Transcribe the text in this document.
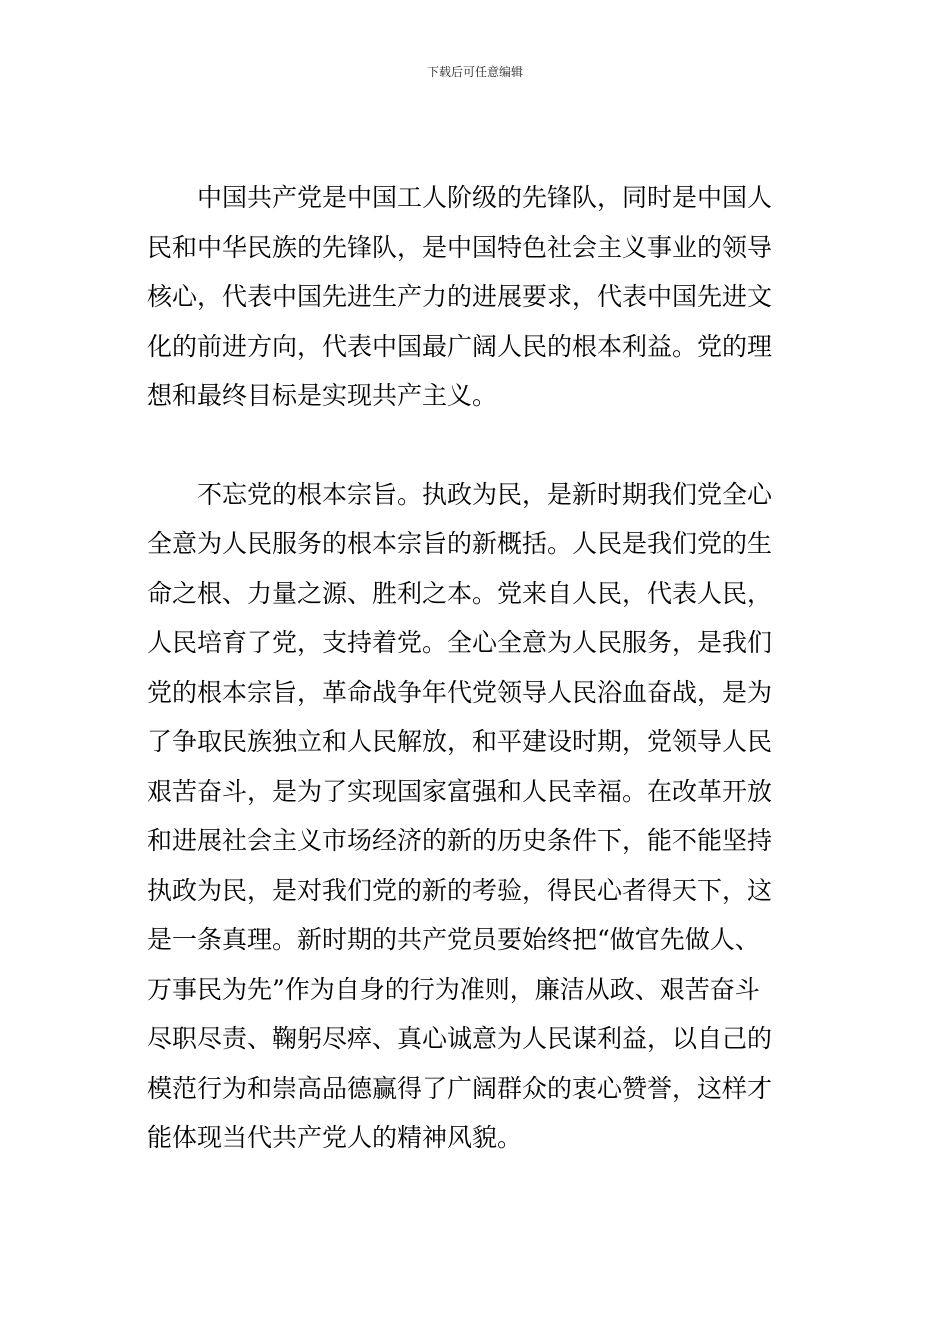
下载后可任意编辑
　　中国共产党是中国工人阶级的先锋队，同时是中国人
民和中华民族的先锋队，是中国特色社会主义事业的领导
核心，代表中国先进生产力的进展要求，代表中国先进文
化的前进方向，代表中国最广阔人民的根本利益。党的理
想和最终目标是实现共产主义。
　　不忘党的根本宗旨。执政为民，是新时期我们党全心
全意为人民服务的根本宗旨的新概括。人民是我们党的生
命之根、力量之源、胜利之本。党来自人民，代表人民，
人民培育了党，支持着党。全心全意为人民服务，是我们
党的根本宗旨，革命战争年代党领导人民浴血奋战，是为
了争取民族独立和人民解放，和平建设时期，党领导人民
艰苦奋斗，是为了实现国家富强和人民幸福。在改革开放
和进展社会主义市场经济的新的历史条件下，能不能坚持
执政为民，是对我们党的新的考验，得民心者得天下，这
是一条真理。新时期的共产党员要始终把“做官先做人、
万事民为先”作为自身的行为准则，廉洁从政、艰苦奋斗
尽职尽责、鞠躬尽瘁、真心诚意为人民谋利益，以自己的
模范行为和崇高品德赢得了广阔群众的衷心赞誉，这样才
能体现当代共产党人的精神风貌。
